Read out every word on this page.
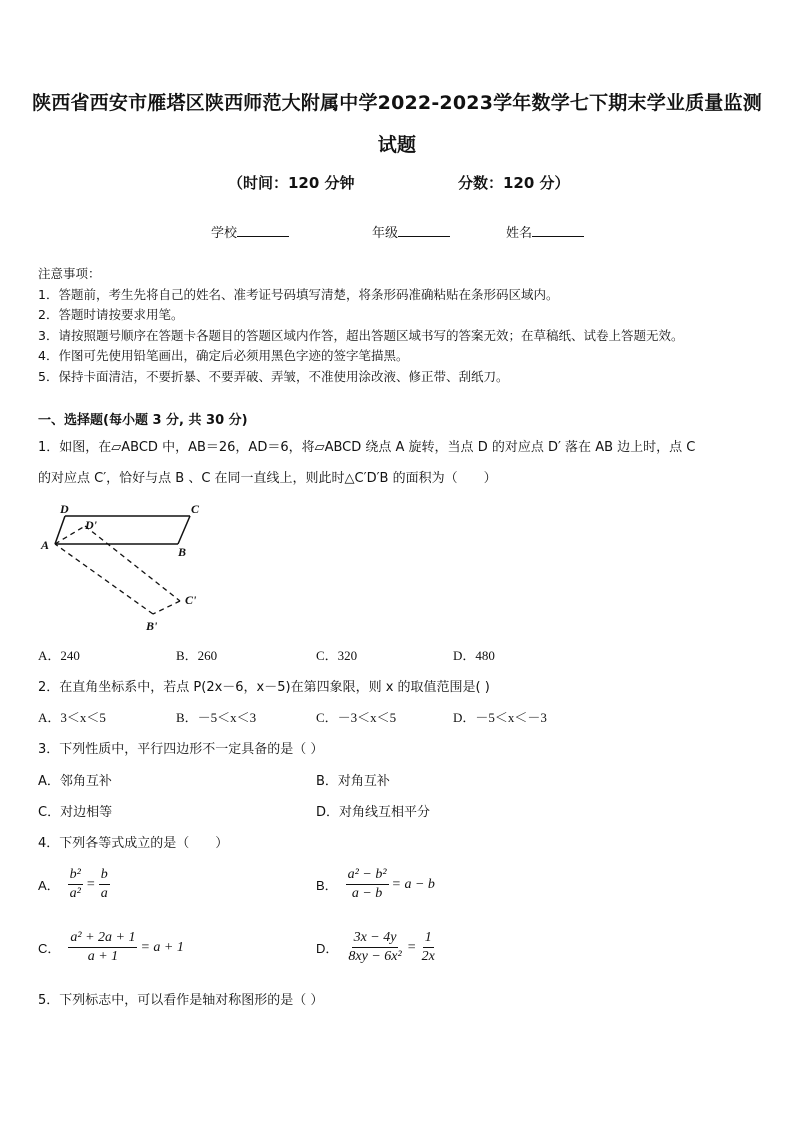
陕西省西安市雁塔区陕西师范大附属中学2022-2023学年数学七下期末学业质量监测
试题
（时间：120 分钟	分数：120 分）
学校	年级	姓名
注意事项：
1．答题前，考生先将自己的姓名、准考证号码填写清楚，将条形码准确粘贴在条形码区域内。
2．答题时请按要求用笔。
3．请按照题号顺序在答题卡各题目的答题区域内作答，超出答题区域书写的答案无效；在草稿纸、试卷上答题无效。
4．作图可先使用铅笔画出，确定后必须用黑色字迹的签字笔描黑。
5．保持卡面清洁，不要折暴、不要弄破、弄皱，不准使用涂改液、修正带、刮纸刀。
一、选择题(每小题 3 分, 共 30 分)
1．如图，在▱ABCD 中，AB＝26，AD＝6，将▱ABCD 绕点 A 旋转，当点 D 的对应点 D′ 落在 AB 边上时，点 C
的对应点 C′，恰好与点 B 、C 在同一直线上，则此时△C′D′B 的面积为（　　）
D
D'
C
A	B
C'
B'
A．240	B．260	C．320	D．480
2．在直角坐标系中，若点 P(2x－6，x－5)在第四象限，则 x 的取值范围是( )
A．3＜x＜5	B．－5＜x＜3	C．－3＜x＜5	D．－5＜x＜－3
3．下列性质中，平行四边形不一定具备的是（ ）
A．邻角互补	B．对角互补
C．对边相等	D．对角线互相平分
4．下列各等式成立的是（　　）
A． $\frac{\text{b²}}{\text{a²}} = \frac{b}{a}$	B． $\frac{\text{a² − b²}}{a - b} = a - b$
C． $\frac{\text{a² + 2a + 1}}{a + 1} = a + 1$	D． $\frac{3x - 4y}{\text{8xy − 6x²}} = \frac{1}{2x}$
5．下列标志中，可以看作是轴对称图形的是（ ）
